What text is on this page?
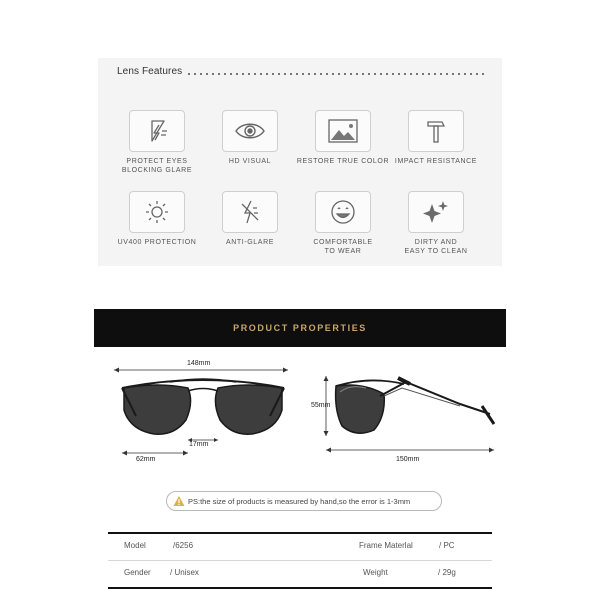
Lens Features
PROTECT EYES
BLOCKING GLARE
HD VISUAL	RESTORE TRUE COLOR IMPACT RESISTANCE
UV400 PROTECTION	ANTI-GLARE	COMFORTABLE
TO WEAR
DIRTY AND
EASY TO CLEAN
PRODUCT PROPERTIES
148mm
17mm
62mm
55mm
150mm
PS:the size of products is measured by hand,so the error is 1-3mm
Model	/6256	Frame Materlal	/ PC
Gender / Unisex	Weight	/ 29g
